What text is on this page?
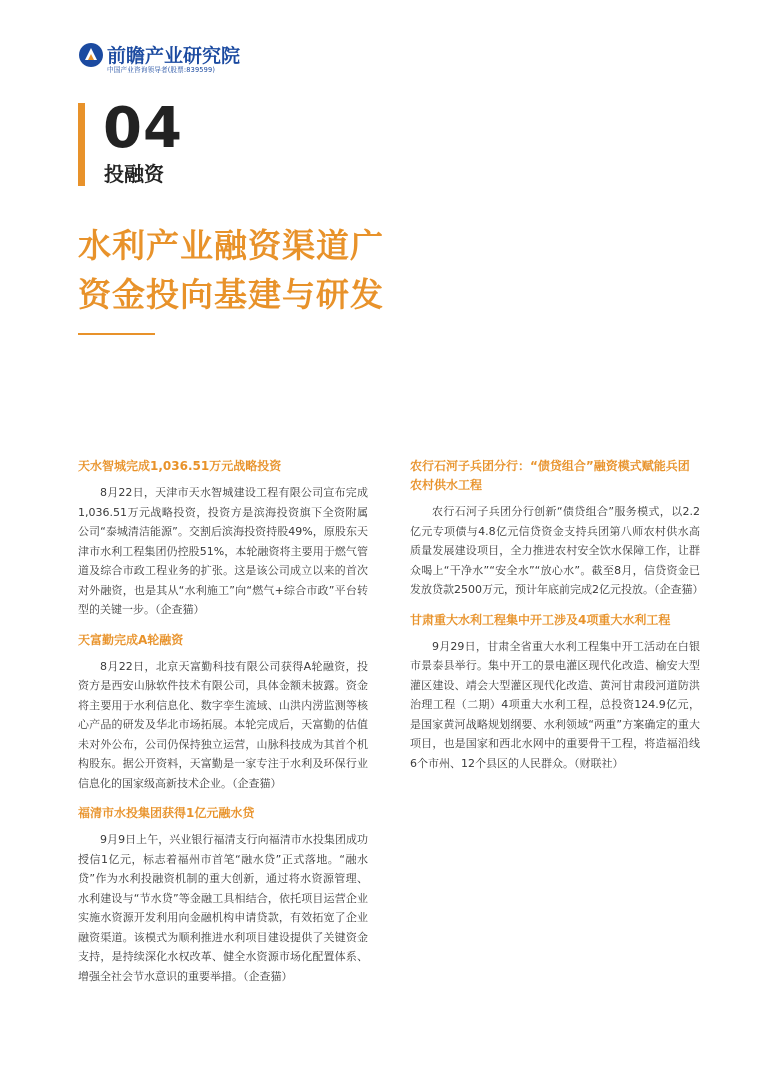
前瞻产业研究院
中国产业咨询领导者(股票:839599)
04
投融资
水利产业融资渠道广
资金投向基建与研发
天水智城完成1,036.51万元战略投资

8月22日，天津市天水智城建设工程有限公司宣布完成1,036.51万元战略投资，投资方是滨海投资旗下全资附属公司“泰城清洁能源”。交割后滨海投资持股49%，原股东天津市水利工程集团仍控股51%，本轮融资将主要用于燃气管道及综合市政工程业务的扩张。这是该公司成立以来的首次对外融资，也是其从“水利施工”向“燃气+综合市政”平台转型的关键一步。（企查猫）

天富勤完成A轮融资

8月22日，北京天富勤科技有限公司获得A轮融资，投资方是西安山脉软件技术有限公司，具体金额未披露。资金将主要用于水利信息化、数字孪生流域、山洪内涝监测等核心产品的研发及华北市场拓展。本轮完成后，天富勤的估值未对外公布，公司仍保持独立运营，山脉科技成为其首个机构股东。据公开资料，天富勤是一家专注于水利及环保行业信息化的国家级高新技术企业。（企查猫）

福清市水投集团获得1亿元融水贷

9月9日上午，兴业银行福清支行向福清市水投集团成功授信1亿元，标志着福州市首笔“融水贷”正式落地。“融水贷”作为水利投融资机制的重大创新，通过将水资源管理、水利建设与“节水贷”等金融工具相结合，依托项目运营企业实施水资源开发利用向金融机构申请贷款，有效拓宽了企业融资渠道。该模式为顺利推进水利项目建设提供了关键资金支持，是持续深化水权改革、健全水资源市场化配置体系、增强全社会节水意识的重要举措。（企查猫）

农行石河子兵团分行：“债贷组合”融资模式赋能兵团农村供水工程

农行石河子兵团分行创新“债贷组合”服务模式，以2.2亿元专项债与4.8亿元信贷资金支持兵团第八师农村供水高质量发展建设项目，全力推进农村安全饮水保障工作，让群众喝上“干净水”“安全水”“放心水”。截至8月，信贷资金已发放贷款2500万元，预计年底前完成2亿元投放。（企查猫）

甘肃重大水利工程集中开工涉及4项重大水利工程

9月29日，甘肃全省重大水利工程集中开工活动在白银市景泰县举行。集中开工的景电灌区现代化改造、榆安大型灌区建设、靖会大型灌区现代化改造、黄河甘肃段河道防洪治理工程（二期）4项重大水利工程，总投资124.9亿元，是国家黄河战略规划纲要、水利领域“两重”方案确定的重大项目，也是国家和西北水网中的重要骨干工程，将造福沿线6个市州、12个县区的人民群众。（财联社）
